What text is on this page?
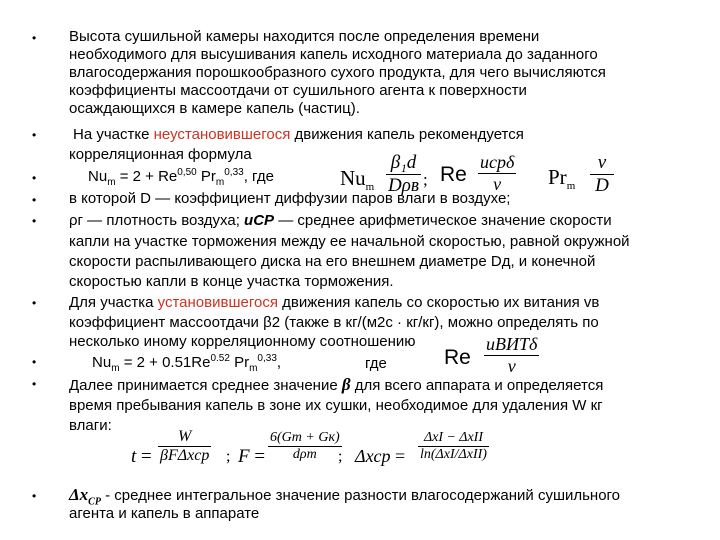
•
•
•
•
•
•
•
•
•
Высота сушильной камеры находится после определения времени
необходимого для высушивания капель исходного материала до заданного
влагосодержания порошкообразного сухого продукта, для чего вычисляются
коэффициенты массоотдачи от сушильного агента к поверхности
осаждающихся в камере капель (частиц).
На участке неустановившегося движения капель рекомендуется
корреляционная формула
$Nu_m = 2 + Re^{0,50}$ $Pr_m^{0,33}$, где	$Nu_m$
β₁d
Dρʙ ; Re
uсрδ
ν	$Pr_m \frac{\nu}{D}$
в которой D — коэффициент диффузии паров влаги в воздухе;
ρг — плотность воздуха; uСР — среднее арифметическое значение скорости
капли на участке торможения между ее начальной скоростью, равной окружной
скорости распыливающего диска на его внешнем диаметре Dд, и конечной
скоростью капли в конце участка торможения.
Для участка установившегося движения капель со скоростью их витания vв
коэффициент массоотдачи β2 (также в кг/(м2с · кг/кг), можно определять по
несколько иному корреляционному соотношению
Re
uВИТδ
ν
$Nu_m = 2 + 0.51Re^{0.52}$ $Pr_m^{0,33}$,	где
Далее принимается среднее значение β для всего аппарата и определяется
время пребывания капель в зоне их сушки, необходимое для удаления W кг
влаги:
t =
W
βFΔxср ; F =
6(Gт + Gк)
dρт	; Δxср =
ΔxΙ − ΔxΙΙ
ln(ΔxΙ/ΔxΙΙ)
$\Delta x_{СР}$ - среднее интегральное значение разности влагосодержаний сушильного
агента и капель в аппарате
